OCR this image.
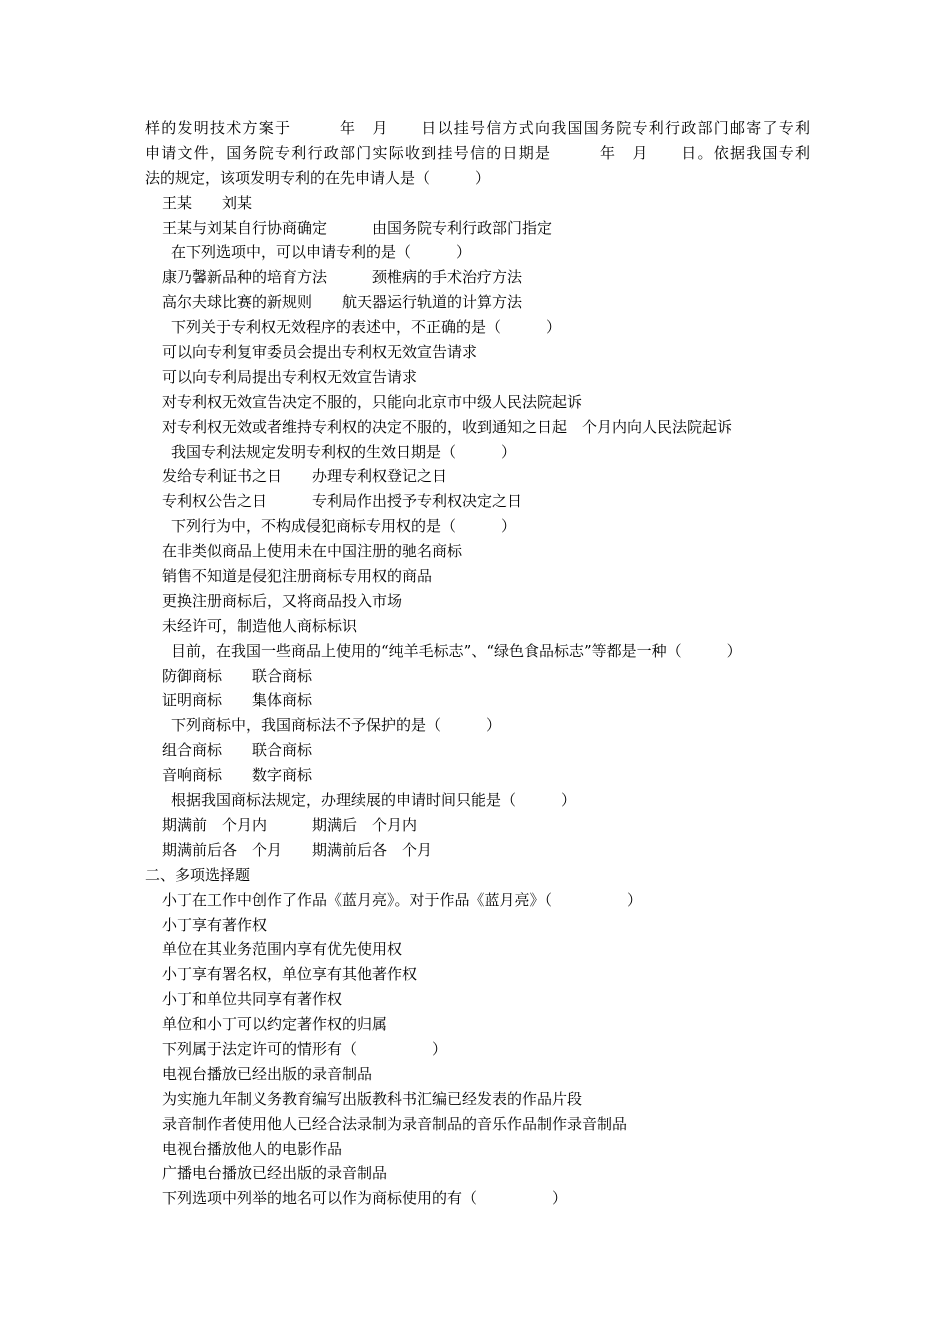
样的发明技术方案于　　　年　月　　日以挂号信方式向我国国务院专利行政部门邮寄了专利
申请文件，国务院专利行政部门实际收到挂号信的日期是　　　年　月　　日。依据我国专利
法的规定，该项发明专利的在先申请人是（　　　）
王某　　刘某
王某与刘某自行协商确定　　　由国务院专利行政部门指定
在下列选项中，可以申请专利的是（　　　）
康乃馨新品种的培育方法　　　颈椎病的手术治疗方法
高尔夫球比赛的新规则　　航天器运行轨道的计算方法
下列关于专利权无效程序的表述中，不正确的是（　　　）
可以向专利复审委员会提出专利权无效宣告请求
可以向专利局提出专利权无效宣告请求
对专利权无效宣告决定不服的，只能向北京市中级人民法院起诉
对专利权无效或者维持专利权的决定不服的，收到通知之日起　个月内向人民法院起诉
我国专利法规定发明专利权的生效日期是（　　　）
发给专利证书之日　　办理专利权登记之日
专利权公告之日　　　专利局作出授予专利权决定之日
下列行为中，不构成侵犯商标专用权的是（　　　）
在非类似商品上使用未在中国注册的驰名商标
销售不知道是侵犯注册商标专用权的商品
更换注册商标后，又将商品投入市场
未经许可，制造他人商标标识
目前，在我国一些商品上使用的“纯羊毛标志”、“绿色食品标志”等都是一种（　　　）
防御商标　　联合商标
证明商标　　集体商标
下列商标中，我国商标法不予保护的是（　　　）
组合商标　　联合商标
音响商标　　数字商标
根据我国商标法规定，办理续展的申请时间只能是（　　　）
期满前　个月内　　　期满后　个月内
期满前后各　个月　　期满前后各　个月
二、多项选择题
小丁在工作中创作了作品《蓝月亮》。对于作品《蓝月亮》（　　　　　）
小丁享有著作权
单位在其业务范围内享有优先使用权
小丁享有署名权，单位享有其他著作权
小丁和单位共同享有著作权
单位和小丁可以约定著作权的归属
下列属于法定许可的情形有（　　　　　）
电视台播放已经出版的录音制品
为实施九年制义务教育编写出版教科书汇编已经发表的作品片段
录音制作者使用他人已经合法录制为录音制品的音乐作品制作录音制品
电视台播放他人的电影作品
广播电台播放已经出版的录音制品
下列选项中列举的地名可以作为商标使用的有（　　　　　）
